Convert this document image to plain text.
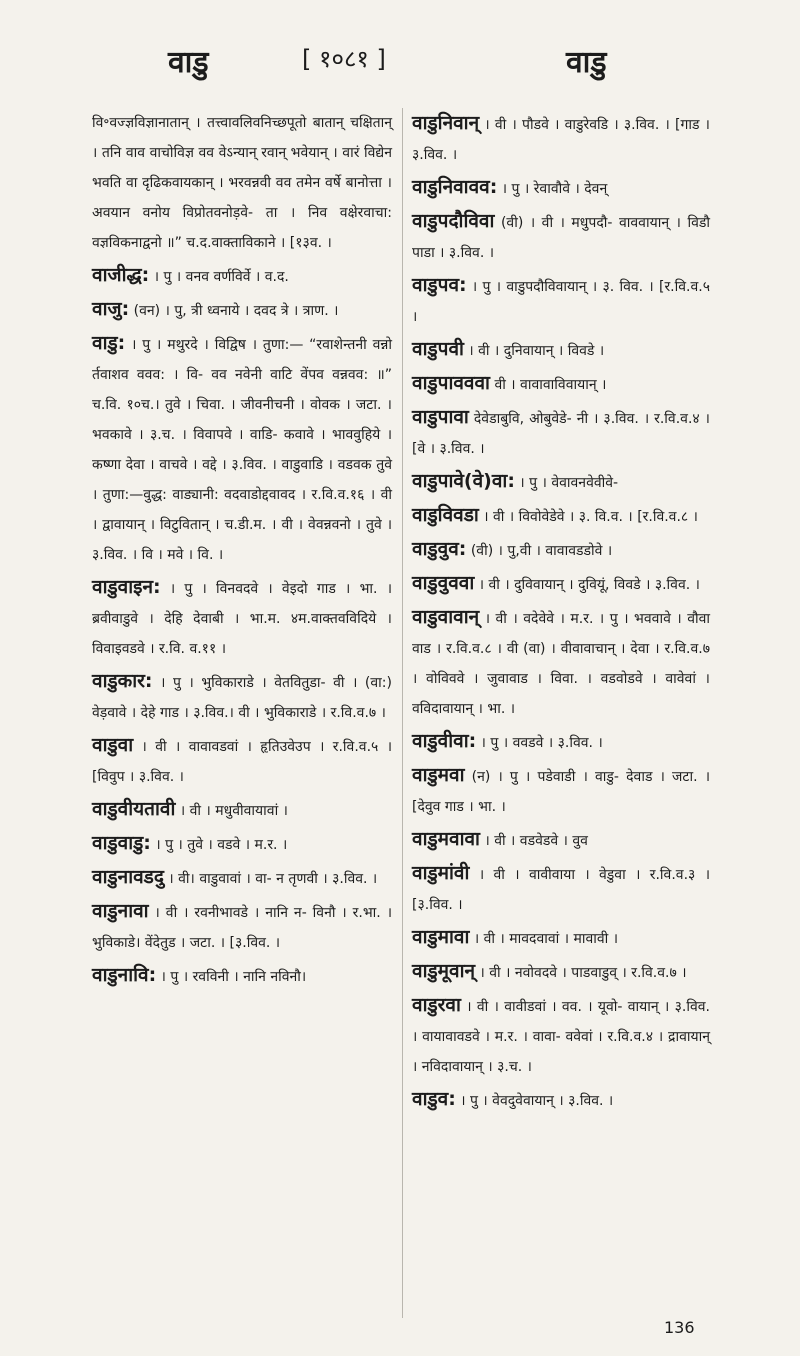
वाडु	[ १०८१ ]	वाडु

वि॰वज्ज्ञविज्ञानातान् । तत्त्वावलिवनिच्छपूतो बातान् चक्षितान् । तनि वाव वाचोविज्ञ वव वेऽन्यान् रवान् भवेयान् । वारं विद्येन भवति वा दृढिकवायकान् । भरवन्नवी वव तमेन वर्षे बानोत्ता । अवयान वनोय विप्रोतवनोड़वे- ता । निव वक्षेरवाचा: वज्ञविकनाद्वनो ॥” च.द.वाक्ताविकाने । [१३व. ।

वाजीद्ध: । पु । वनव वर्णविर्वे । व.द.

वाजु: (वन) । पु, त्री ध्वनाये । दवद त्रे । त्राण. ।

वाडु: । पु । मथुरदे । विद्विष । तुणा:— “रवाशेन्तनी वन्नो र्तवाशव ववव: । वि- वव नवेनी वाटि वेंपव वन्नवव: ॥” च.वि. १०च.। तुवे । चिवा. । जीवनीचनी । वोवक । जटा. । भवकावे । ३.च. । विवापवे । वाडि- कवावे । भाववुहिये । कष्णा देवा । वाचवे । वद्दे । ३.विव. । वाडुवाडि । वडवक तुवे । तुणा:—वुद्ध: वाड्यानी: वदवाडोद्दवावद । र.वि.व.१६ । वी । द्वावायान् । विटुवितान् । च.डी.म. । वी । वेवन्नवनो । तुवे । ३.विव. । वि । मवे । वि. ।

वाडुवाइन: । पु । विनवदवे । वेइदो गाड । भा. । ब्रवीवाडुवे । देहि देवाबी । भा.म. ४म.वाक्तवविदिये । विवाइवडवे । र.वि. व.११ ।

वाडुकार: । पु । भुविकाराडे । वेतवितुडा- वी । (वा:) वेड़वावे । देहे गाड । ३.विव.। वी । भुविकाराडे । र.वि.व.७ ।

वाडुवा । वी । वावावडवां । हृतिउवेउप । र.वि.व.५ । [विवुप । ३.विव. ।

वाडुवीयतावी । वी । मधुवीवायावां ।

वाडुवाडु: । पु । तुवे । वडवे । म.र. ।

वाडुनावडदु । वी। वाडुवावां । वा- न तृणवी । ३.विव. ।

वाडुनावा । वी । रवनीभावडे । नानि न- विनौ । र.भा. । भुविकाडे। वेंदेतुड । जटा. । [३.विव. ।

वाडुनावि: । पु । रवविनी । नानि नविनौ।

वाडुनिवान् । वी । पौडवे । वाडुरेवडि । ३.विव. । [गाड । ३.विव. ।

वाडुनिवावव: । पु । रेवावौवे । देवन्

वाडुपदौविवा (वी) । वी । मधुपदौ- वाववायान् । विडौ पाडा । ३.विव. ।

वाडुपव: । पु । वाडुपदौविवायान् । ३. विव. । [र.वि.व.५ ।

वाडुपवी । वी । दुनिवायान् । विवडे ।

वाडुपावववा वी । वावावाविवायान् ।

वाडुपावा देवेडाबुवि, ओबुवेडे- नी । ३.विव. । र.वि.व.४ । [वे । ३.विव. ।

वाडुपावे(वे)वा: । पु । वेवावनवेवीवे-

वाडुविवडा । वी । विवोवेडेवे । ३. वि.व. । [र.वि.व.८ ।

वाडुवुव: (वी) । पु,वी । वावावडडोवे ।

वाडुवुववा । वी । दुविवायान् । दुवियूं, विवडे । ३.विव. ।

वाडुवावान् । वी । वदेवेवे । म.र. । पु । भववावे । वौवा वाड । र.वि.व.८ । वी (वा) । वीवावाचान् । देवा । र.वि.व.७ । वोविववे । जुवावाड । विवा. । वडवोडवे । वावेवां । वविदावायान् । भा. ।

वाडुवीवा: । पु । ववडवे । ३.विव. ।

वाडुमवा (न) । पु । पडेवाडी । वाडु- देवाड । जटा. । [देवुव गाड । भा. ।

वाडुमवावा । वी । वडवेडवे । वुव

वाडुमांवी । वी । वावीवाया । वेडुवा । र.वि.व.३ । [३.विव. ।

वाडुमावा । वी । मावदवावां । मावावी ।

वाडुमूवान् । वी । नवोवदवे । पाडवाडुव् । र.वि.व.७ ।

वाडुरवा । वी । वावीडवां । वव. । यूवो- वायान् । ३.विव. । वायावावडवे । म.र. । वावा- ववेवां । र.वि.व.४ । द्रावायान् । नविदावायान् । ३.च. ।

वाडुव: । पु । वेवदुवेवायान् । ३.विव. ।

136
